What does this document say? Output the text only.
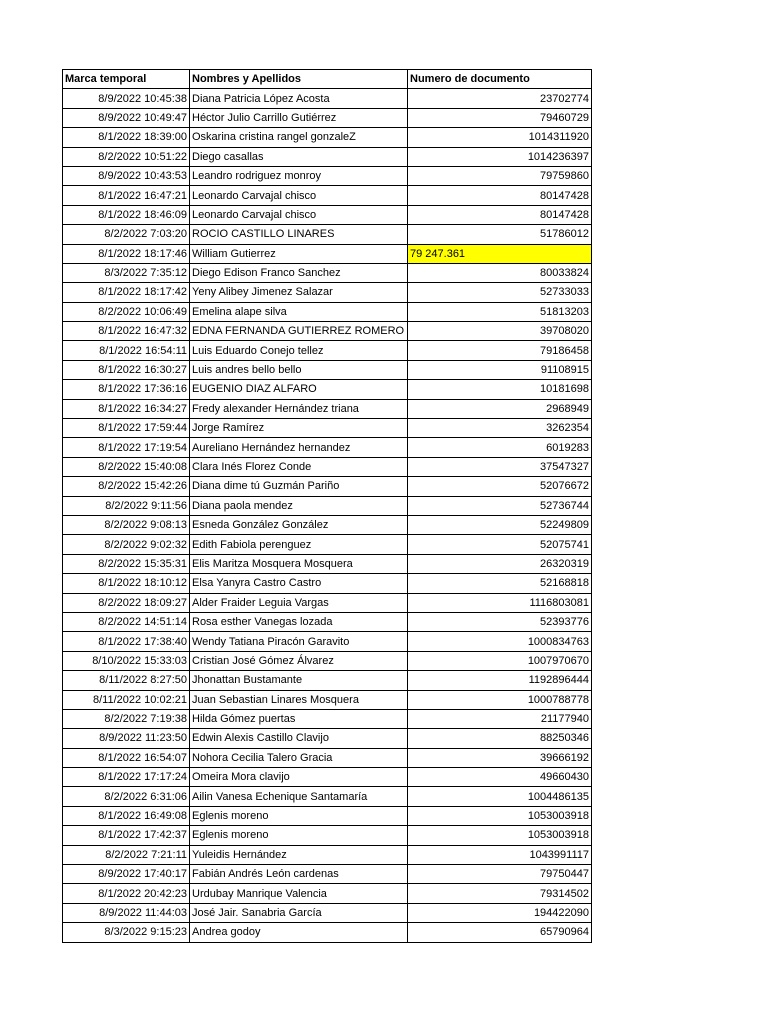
Marca temporal	Nombres y Apellidos	Numero de documento
8/9/2022 10:45:38	Diana Patricia López Acosta	23702774
8/9/2022 10:49:47	Héctor Julio Carrillo Gutiérrez	79460729
8/1/2022 18:39:00	Oskarina cristina rangel gonzaleZ	1014311920
8/2/2022 10:51:22	Diego casallas	1014236397
8/9/2022 10:43:53	Leandro rodriguez monroy	79759860
8/1/2022 16:47:21	Leonardo Carvajal chisco	80147428
8/1/2022 18:46:09	Leonardo Carvajal chisco	80147428
8/2/2022 7:03:20	ROCIO CASTILLO LINARES	51786012
8/1/2022 18:17:46	William Gutierrez	79 247.361
8/3/2022 7:35:12	Diego Edison Franco Sanchez	80033824
8/1/2022 18:17:42	Yeny Alibey Jimenez Salazar	52733033
8/2/2022 10:06:49	Emelina alape silva	51813203
8/1/2022 16:47:32	EDNA FERNANDA GUTIERREZ ROMERO	39708020
8/1/2022 16:54:11	Luis Eduardo Conejo tellez	79186458
8/1/2022 16:30:27	Luis andres bello bello	91108915
8/1/2022 17:36:16	EUGENIO DIAZ ALFARO	10181698
8/1/2022 16:34:27	Fredy alexander Hernández triana	2968949
8/1/2022 17:59:44	Jorge Ramírez	3262354
8/1/2022 17:19:54	Aureliano Hernández hernandez	6019283
8/2/2022 15:40:08	Clara Inés Florez Conde	37547327
8/2/2022 15:42:26	Diana dime tú Guzmán Pariño	52076672
8/2/2022 9:11:56	Diana paola mendez	52736744
8/2/2022 9:08:13	Esneda González González	52249809
8/2/2022 9:02:32	Edith Fabiola perenguez	52075741
8/2/2022 15:35:31	Elis Maritza Mosquera Mosquera	26320319
8/1/2022 18:10:12	Elsa Yanyra Castro Castro	52168818
8/2/2022 18:09:27	Alder Fraider Leguia Vargas	1116803081
8/2/2022 14:51:14	Rosa esther Vanegas lozada	52393776
8/1/2022 17:38:40	Wendy Tatiana Piracón Garavito	1000834763
8/10/2022 15:33:03	Cristian José Gómez Álvarez	1007970670
8/11/2022 8:27:50	Jhonattan Bustamante	1192896444
8/11/2022 10:02:21	Juan Sebastian Linares Mosquera	1000788778
8/2/2022 7:19:38	Hilda Gómez puertas	21177940
8/9/2022 11:23:50	Edwin Alexis Castillo Clavijo	88250346
8/1/2022 16:54:07	Nohora Cecilia Talero Gracia	39666192
8/1/2022 17:17:24	Omeira Mora clavijo	49660430
8/2/2022 6:31:06	Ailin Vanesa Echenique Santamaría	1004486135
8/1/2022 16:49:08	Eglenis moreno	1053003918
8/1/2022 17:42:37	Eglenis moreno	1053003918
8/2/2022 7:21:11	Yuleidis Hernández	1043991117
8/9/2022 17:40:17	Fabián Andrés León cardenas	79750447
8/1/2022 20:42:23	Urdubay Manrique Valencia	79314502
8/9/2022 11:44:03	José Jair. Sanabria García	194422090
8/3/2022 9:15:23	Andrea godoy	65790964
